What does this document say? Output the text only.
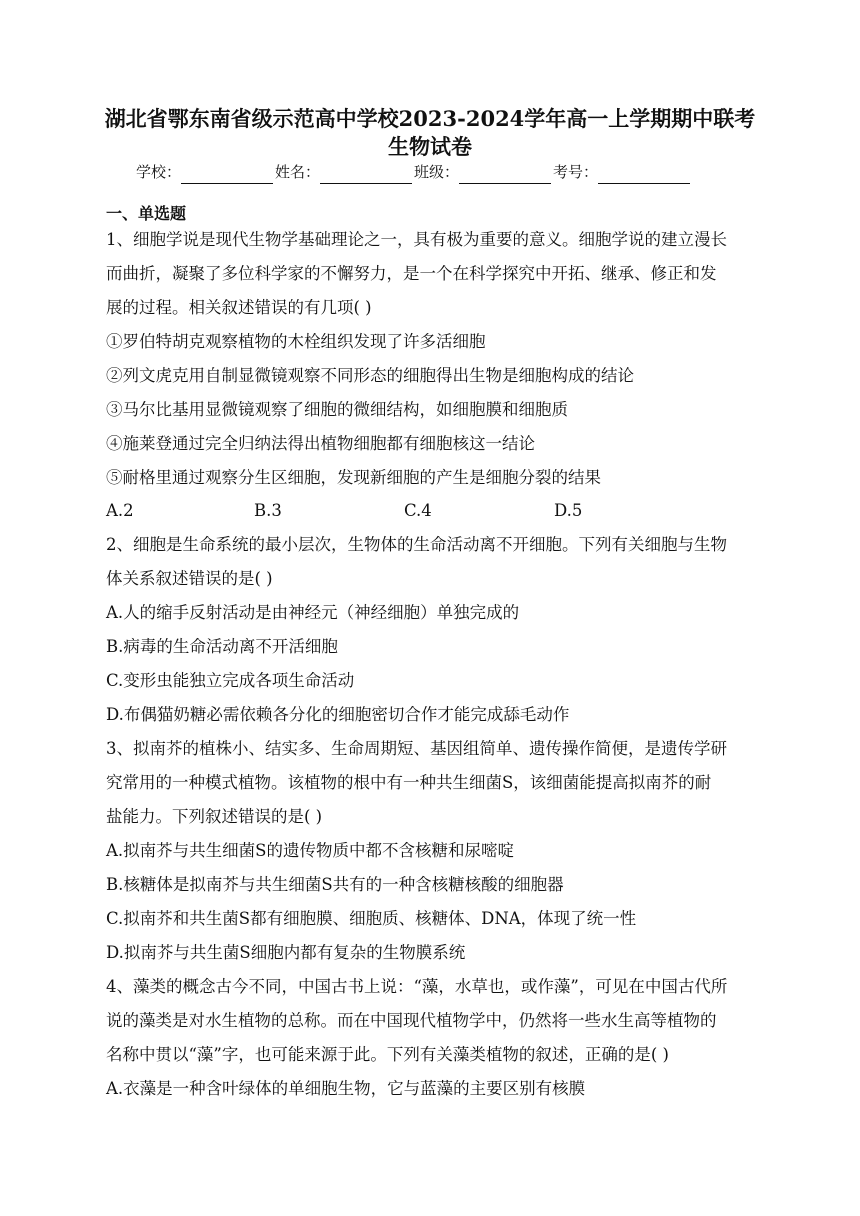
湖北省鄂东南省级示范高中学校2023-2024学年高一上学期期中联考
生物试卷
学校：	姓名：	班级：	考号：
一、单选题
1、细胞学说是现代生物学基础理论之一，具有极为重要的意义。细胞学说的建立漫长
而曲折，凝聚了多位科学家的不懈努力，是一个在科学探究中开拓、继承、修正和发
展的过程。相关叙述错误的有几项( )
①罗伯特胡克观察植物的木栓组织发现了许多活细胞
②列文虎克用自制显微镜观察不同形态的细胞得出生物是细胞构成的结论
③马尔比基用显微镜观察了细胞的微细结构，如细胞膜和细胞质
④施莱登通过完全归纳法得出植物细胞都有细胞核这一结论
⑤耐格里通过观察分生区细胞，发现新细胞的产生是细胞分裂的结果
A.2	B.3	C.4	D.5
2、细胞是生命系统的最小层次，生物体的生命活动离不开细胞。下列有关细胞与生物
体关系叙述错误的是( )
A.人的缩手反射活动是由神经元（神经细胞）单独完成的
B.病毒的生命活动离不开活细胞
C.变形虫能独立完成各项生命活动
D.布偶猫奶糖必需依赖各分化的细胞密切合作才能完成舔毛动作
3、拟南芥的植株小、结实多、生命周期短、基因组简单、遗传操作简便，是遗传学研
究常用的一种模式植物。该植物的根中有一种共生细菌S，该细菌能提高拟南芥的耐
盐能力。下列叙述错误的是( )
A.拟南芥与共生细菌S的遗传物质中都不含核糖和尿嘧啶
B.核糖体是拟南芥与共生细菌S共有的一种含核糖核酸的细胞器
C.拟南芥和共生菌S都有细胞膜、细胞质、核糖体、DNA，体现了统一性
D.拟南芥与共生菌S细胞内都有复杂的生物膜系统
4、藻类的概念古今不同，中国古书上说：“藻，水草也，或作藻”，可见在中国古代所
说的藻类是对水生植物的总称。而在中国现代植物学中，仍然将一些水生高等植物的
名称中贯以“藻”字，也可能来源于此。下列有关藻类植物的叙述，正确的是( )
A.衣藻是一种含叶绿体的单细胞生物，它与蓝藻的主要区别有核膜
